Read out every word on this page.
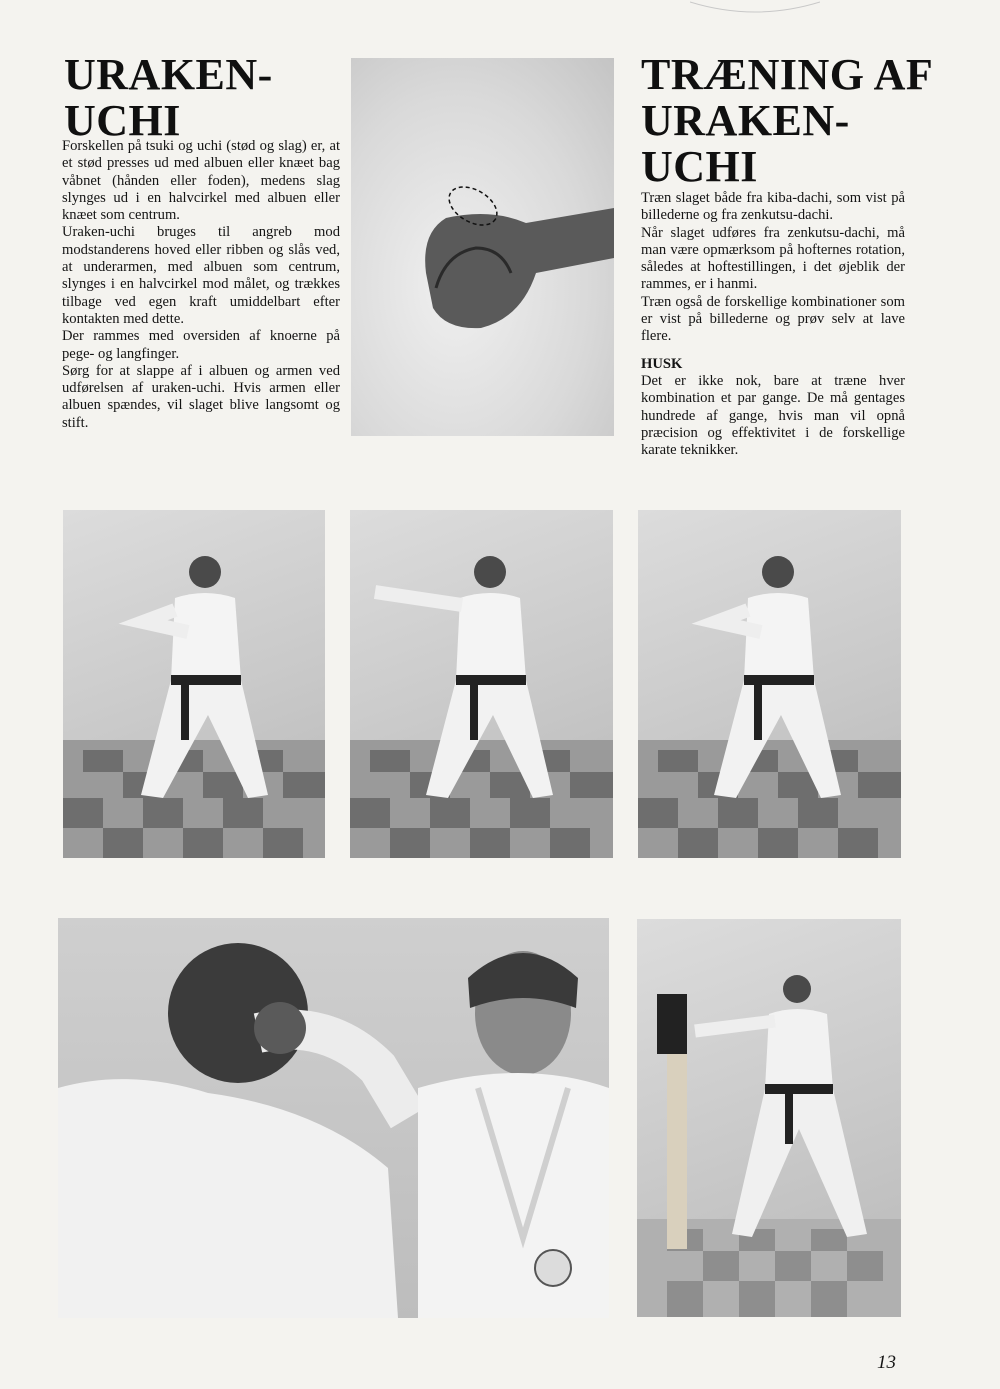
URAKEN-
UCHI

Forskellen på tsuki og uchi (stød og slag) er, at et stød presses ud med albuen eller knæet bag våbnet (hånden eller foden), medens slag slynges ud i en halvcirkel med albuen eller knæet som centrum.

Uraken-uchi bruges til angreb mod modstanderens hoved eller ribben og slås ved, at underarmen, med albuen som centrum, slynges i en halvcirkel mod målet, og trækkes tilbage ved egen kraft umiddelbart efter kontakten med dette.

Der rammes med oversiden af knoerne på pege- og langfinger.

Sørg for at slappe af i albuen og armen ved udførelsen af uraken-uchi. Hvis armen eller albuen spændes, vil slaget blive langsomt og stift.

TRÆNING AF
URAKEN-
UCHI

Træn slaget både fra kiba-dachi, som vist på billederne og fra zenkutsu-dachi.

Når slaget udføres fra zenkutsu-dachi, må man være opmærksom på hofternes rotation, således at hoftestillingen, i det øjeblik der rammes, er i hanmi.

Træn også de forskellige kombinationer som er vist på billederne og prøv selv at lave flere.

HUSK

Det er ikke nok, bare at træne hver kombination et par gange. De må gentages hundrede af gange, hvis man vil opnå præcision og effektivitet i de forskellige karate teknikker.

13
